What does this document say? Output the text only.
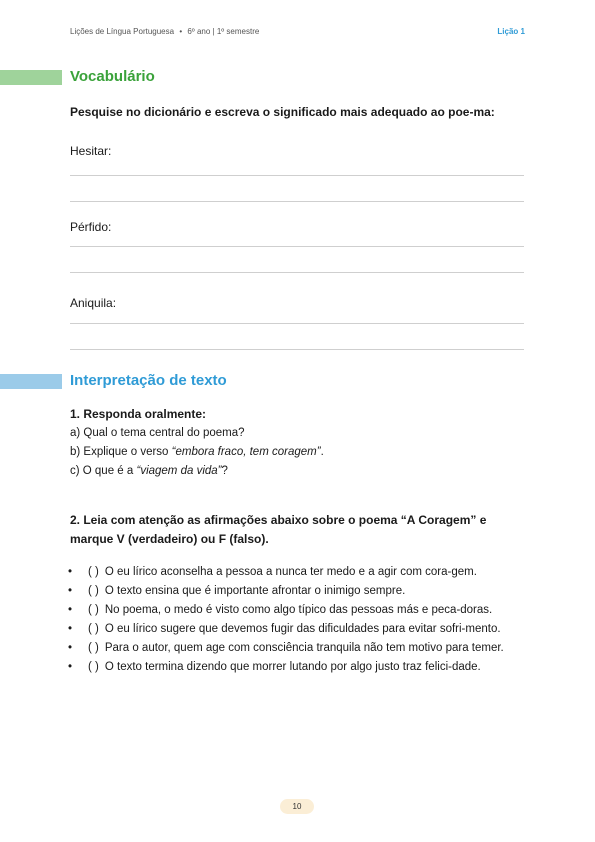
Lições de Língua Portuguesa • 6º ano | 1º semestre	Lição 1
Vocabulário
Pesquise no dicionário e escreva o significado mais adequado ao poe-ma:
Hesitar:
Pérfido:
Aniquila:
Interpretação de texto
1. Responda oralmente:
a) Qual o tema central do poema?
b) Explique o verso “embora fraco, tem coragem”.
c) O que é a “viagem da vida”?
2. Leia com atenção as afirmações abaixo sobre o poema “A Coragem” e marque V (verdadeiro) ou F (falso).
• ( ) O eu lírico aconselha a pessoa a nunca ter medo e a agir com cora-gem.
• ( ) O texto ensina que é importante afrontar o inimigo sempre.
• ( ) No poema, o medo é visto como algo típico das pessoas más e peca-doras.
• ( ) O eu lírico sugere que devemos fugir das dificuldades para evitar sofri-mento.
• ( ) Para o autor, quem age com consciência tranquila não tem motivo para temer.
• ( ) O texto termina dizendo que morrer lutando por algo justo traz felici-dade.
10
